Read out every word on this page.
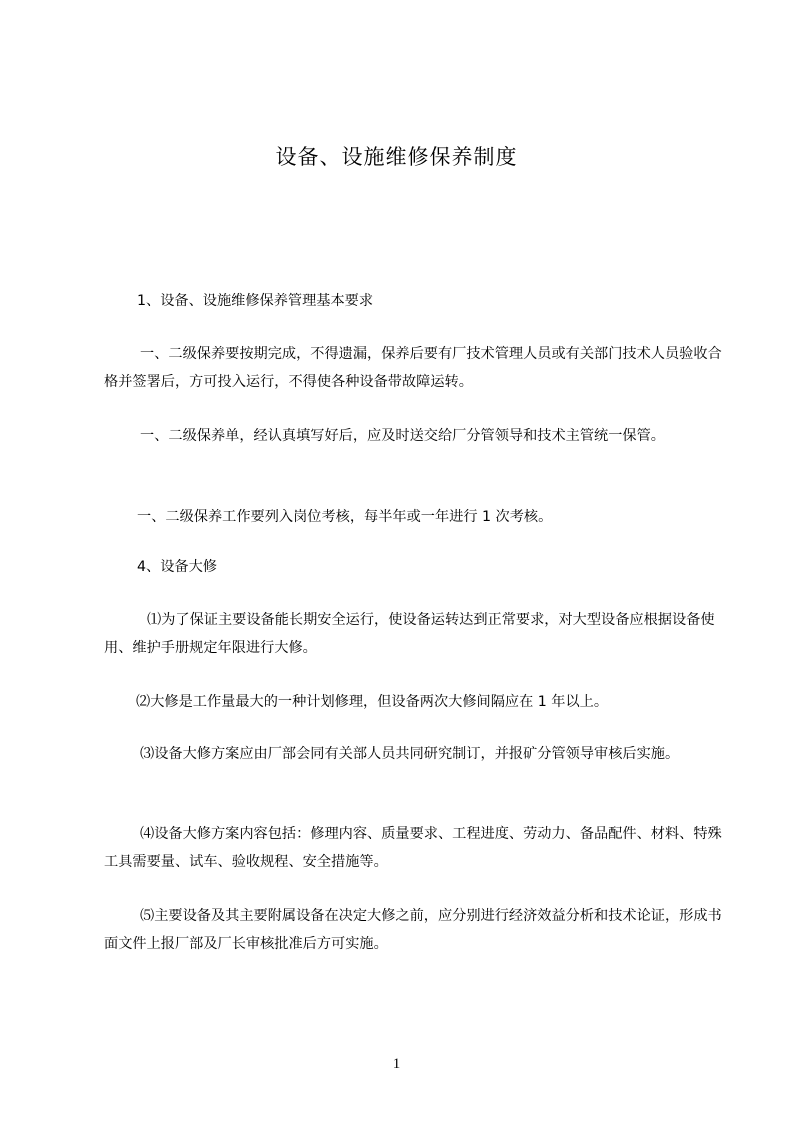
设备、设施维修保养制度

1、设备、设施维修保养管理基本要求

一、二级保养要按期完成，不得遗漏，保养后要有厂技术管理人员或有关部门技术人员验收合格并签署后，方可投入运行，不得使各种设备带故障运转。

一、二级保养单，经认真填写好后，应及时送交给厂分管领导和技术主管统一保管。

一、二级保养工作要列入岗位考核，每半年或一年进行 1 次考核。

4、设备大修

⑴为了保证主要设备能长期安全运行，使设备运转达到正常要求，对大型设备应根据设备使用、维护手册规定年限进行大修。

⑵大修是工作量最大的一种计划修理，但设备两次大修间隔应在 1 年以上。

⑶设备大修方案应由厂部会同有关部人员共同研究制订，并报矿分管领导审核后实施。

⑷设备大修方案内容包括：修理内容、质量要求、工程进度、劳动力、备品配件、材料、特殊工具需要量、试车、验收规程、安全措施等。

⑸主要设备及其主要附属设备在决定大修之前，应分别进行经济效益分析和技术论证，形成书面文件上报厂部及厂长审核批准后方可实施。

1
